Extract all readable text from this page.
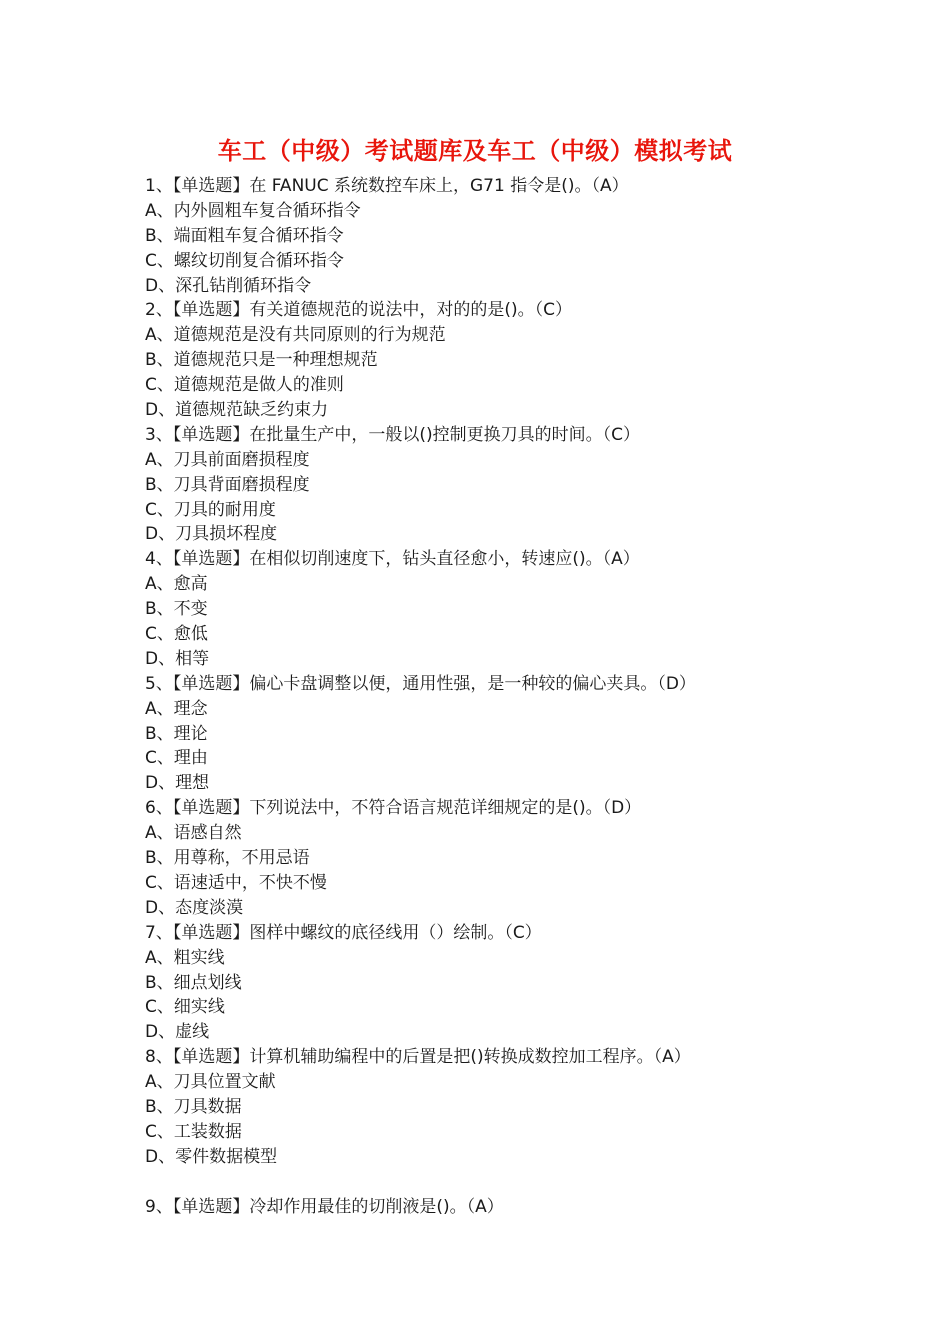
车工（中级）考试题库及车工（中级）模拟考试
1、【单选题】在 FANUC 系统数控车床上，G71 指令是()。（A）
A、内外圆粗车复合循环指令
B、端面粗车复合循环指令
C、螺纹切削复合循环指令
D、深孔钻削循环指令
2、【单选题】有关道德规范的说法中，对的的是()。（C）
A、道德规范是没有共同原则的行为规范
B、道德规范只是一种理想规范
C、道德规范是做人的准则
D、道德规范缺乏约束力
3、【单选题】在批量生产中，一般以()控制更换刀具的时间。（C）
A、刀具前面磨损程度
B、刀具背面磨损程度
C、刀具的耐用度
D、刀具损坏程度
4、【单选题】在相似切削速度下，钻头直径愈小，转速应()。（A）
A、愈高
B、不变
C、愈低
D、相等
5、【单选题】偏心卡盘调整以便，通用性强，是一种较的偏心夹具。（D）
A、理念
B、理论
C、理由
D、理想
6、【单选题】下列说法中，不符合语言规范详细规定的是()。（D）
A、语感自然
B、用尊称，不用忌语
C、语速适中，不快不慢
D、态度淡漠
7、【单选题】图样中螺纹的底径线用（）绘制。（C）
A、粗实线
B、细点划线
C、细实线
D、虚线
8、【单选题】计算机辅助编程中的后置是把()转换成数控加工程序。（A）
A、刀具位置文献
B、刀具数据
C、工装数据
D、零件数据模型
9、【单选题】冷却作用最佳的切削液是()。（A）
